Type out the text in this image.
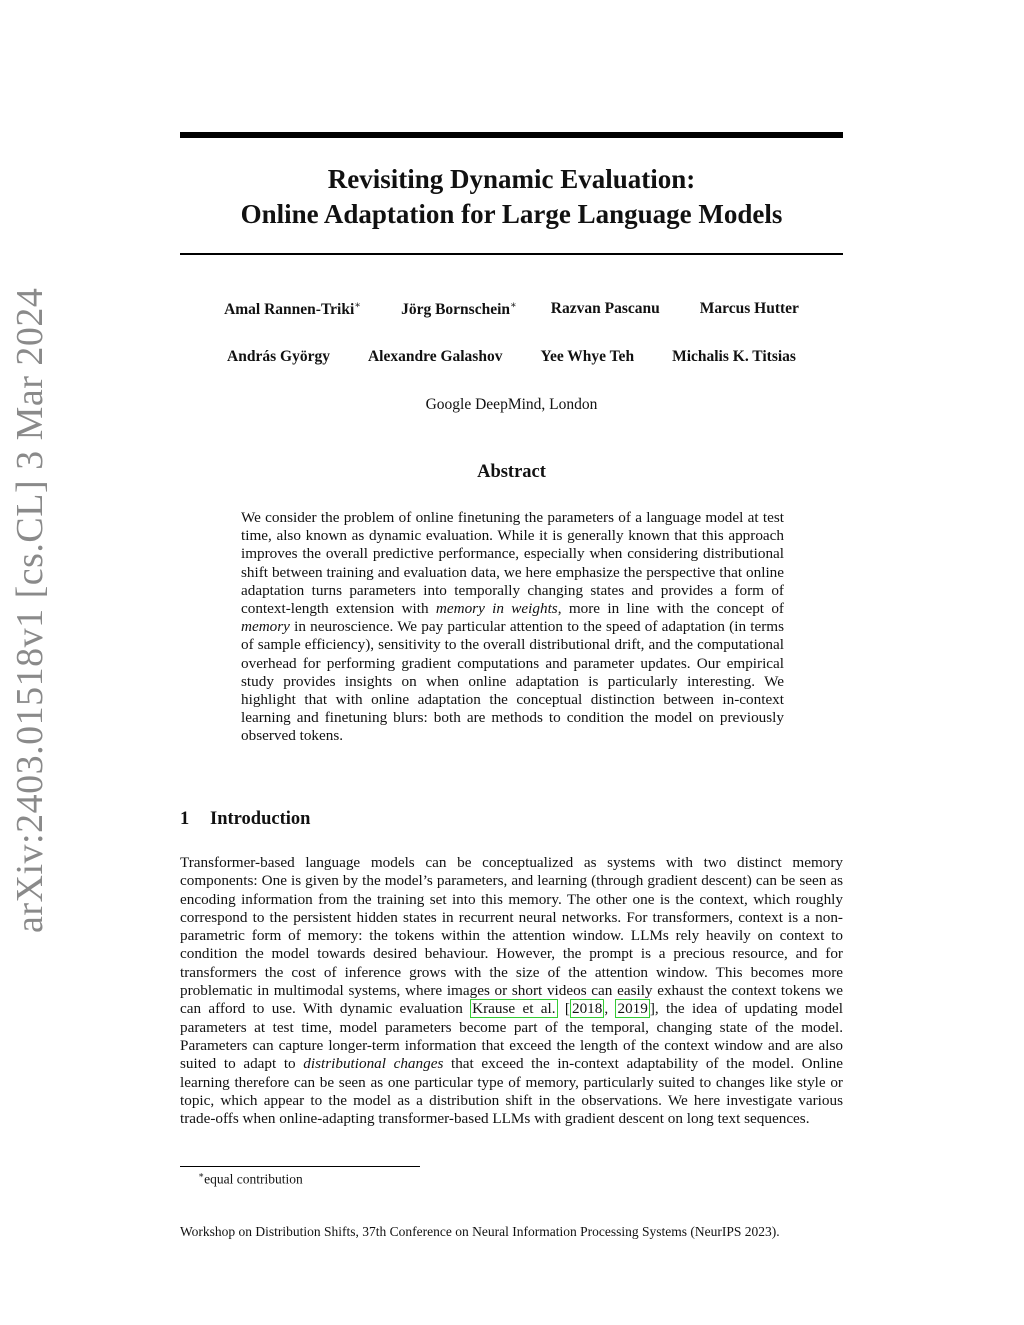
arXiv:2403.01518v1 [cs.CL] 3 Mar 2024
Revisiting Dynamic Evaluation:
Online Adaptation for Large Language Models
Amal Rannen-Triki∗	Jörg Bornschein∗ Razvan Pascanu	Marcus Hutter
András György Alexandre Galashov Yee Whye Teh Michalis K. Titsias
Google DeepMind, London
Abstract
We consider the problem of online finetuning the parameters of a language model at test time, also known as dynamic evaluation. While it is generally known that this approach improves the overall predictive performance, especially when considering distributional shift between training and evaluation data, we here emphasize the perspective that online adaptation turns parameters into temporally changing states and provides a form of context-length extension with memory in weights, more in line with the concept of memory in neuroscience. We pay particular attention to the speed of adaptation (in terms of sample efficiency), sensitivity to the overall distributional drift, and the computational overhead for performing gradient computations and parameter updates. Our empirical study provides insights on when online adaptation is particularly interesting. We highlight that with online adaptation the conceptual distinction between in-context learning and finetuning blurs: both are methods to condition the model on previously observed tokens.
1 Introduction
Transformer-based language models can be conceptualized as systems with two distinct memory components: One is given by the model’s parameters, and learning (through gradient descent) can be seen as encoding information from the training set into this memory. The other one is the context, which roughly correspond to the persistent hidden states in recurrent neural networks. For transformers, context is a non-parametric form of memory: the tokens within the attention window. LLMs rely heavily on context to condition the model towards desired behaviour. However, the prompt is a precious resource, and for transformers the cost of inference grows with the size of the attention window. This becomes more problematic in multimodal systems, where images or short videos can easily exhaust the context tokens we can afford to use. With dynamic evaluation Krause et al. [ 2018 , 2019 ], the idea of updating model parameters at test time, model parameters become part of the temporal, changing state of the model. Parameters can capture longer-term information that exceed the length of the context window and are also suited to adapt to distributional changes that exceed the in-context adaptability of the model. Online learning therefore can be seen as one particular type of memory, particularly suited to changes like style or topic, which appear to the model as a distribution shift in the observations. We here investigate various trade-offs when online-adapting transformer-based LLMs with gradient descent on long text sequences.
∗equal contribution
Workshop on Distribution Shifts, 37th Conference on Neural Information Processing Systems (NeurIPS 2023).
